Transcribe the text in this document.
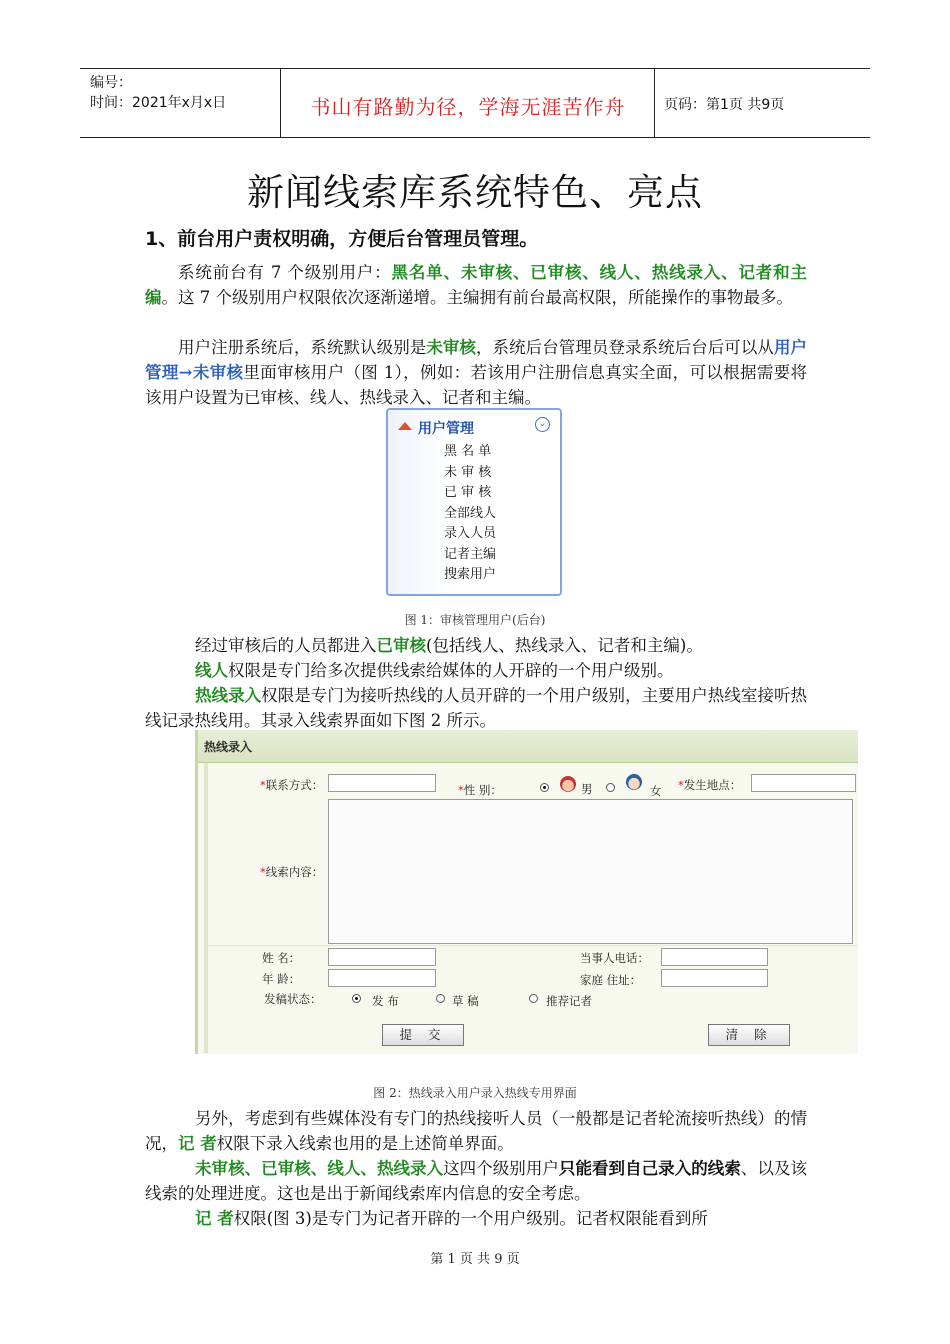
编号：
时间：2021年x月x日	书山有路勤为径，学海无涯苦作舟	页码：第1页 共9页
新闻线索库系统特色、亮点
1、前台用户责权明确，方便后台管理员管理。
系统前台有 7 个级别用户：黑名单、未审核、已审核、线人、热线录入、记者和主编。这 7 个级别用户权限依次逐渐递增。主编拥有前台最高权限，所能操作的事物最多。
用户注册系统后，系统默认级别是未审核，系统后台管理员登录系统后台后可以从用户管理→未审核里面审核用户（图 1），例如：若该用户注册信息真实全面，可以根据需要将该用户设置为已审核、线人、热线录入、记者和主编。
用户管理	⌄
黑 名 单
未 审 核
已 审 核
全部线人
录入人员
记者主编
搜索用户
图 1：审核管理用户(后台)
经过审核后的人员都进入已审核(包括线人、热线录入、记者和主编)。
线人权限是专门给多次提供线索给媒体的人开辟的一个用户级别。
热线录入权限是专门为接听热线的人员开辟的一个用户级别，主要用户热线室接听热线记录热线用。其录入线索界面如下图 2 所示。
热线录入
*联系方式：	*性 别：	男	女 *发生地点：
*线索内容：
姓 名：	当事人电话：
年 龄：	家庭 住址：
发稿状态：	发 布	草 稿	推荐记者
提 交	清 除
图 2：热线录入用户录入热线专用界面
另外，考虑到有些媒体没有专门的热线接听人员（一般都是记者轮流接听热线）的情况，记 者权限下录入线索也用的是上述简单界面。
未审核、已审核、线人、热线录入这四个级别用户只能看到自己录入的线索、以及该线索的处理进度。这也是出于新闻线索库内信息的安全考虑。
记 者权限(图 3)是专门为记者开辟的一个用户级别。记者权限能看到所
第 1 页 共 9 页
